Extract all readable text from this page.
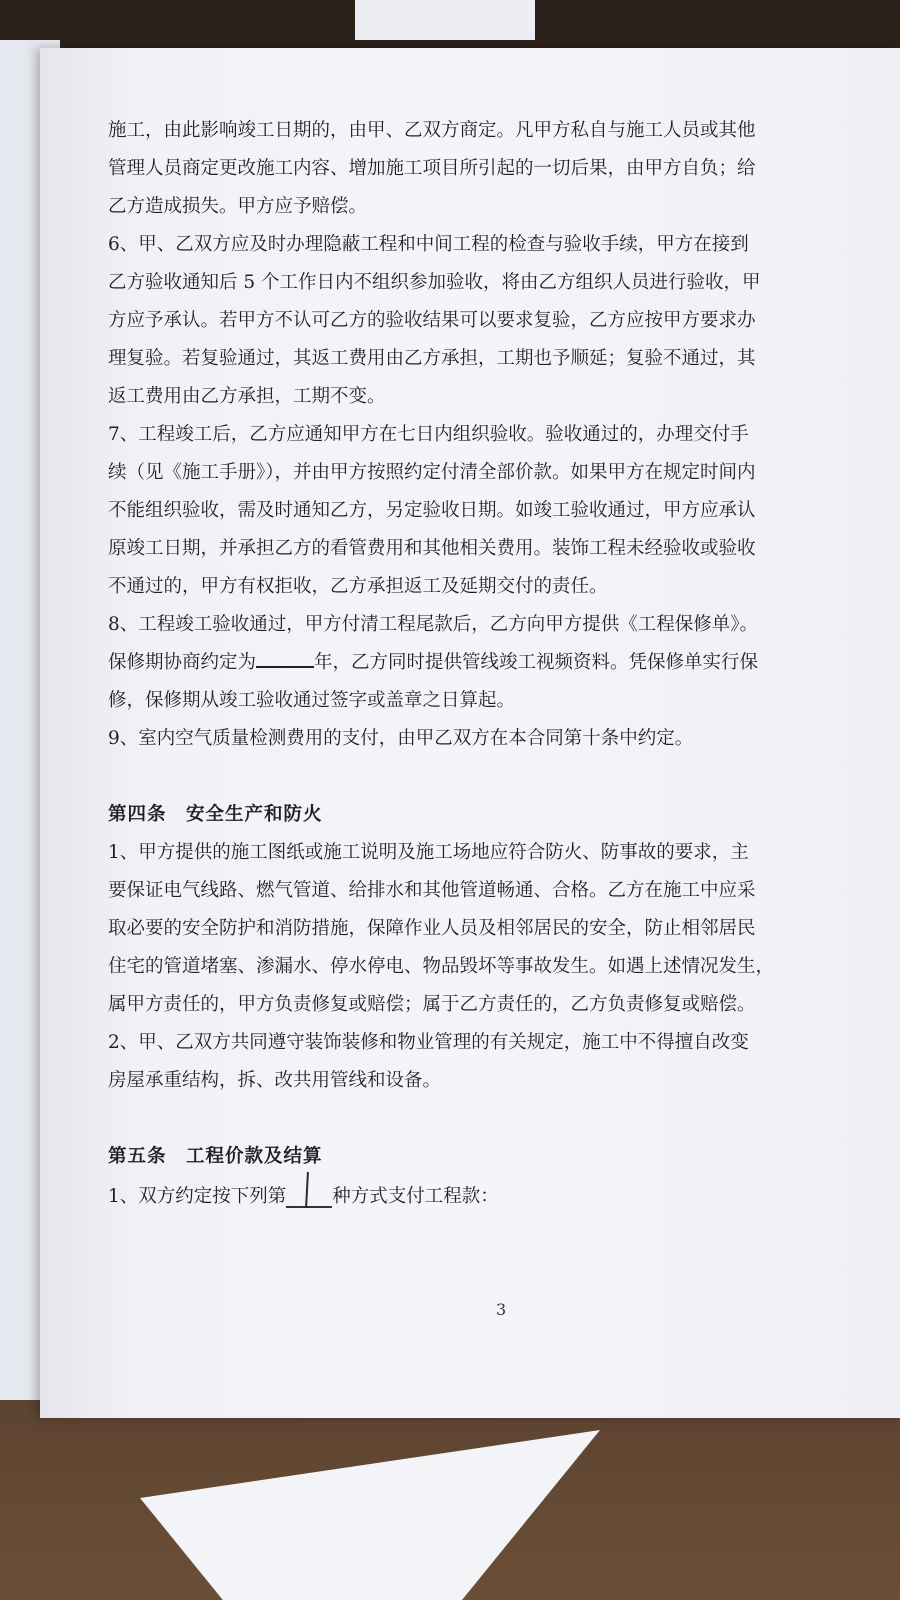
施工，由此影响竣工日期的，由甲、乙双方商定。凡甲方私自与施工人员或其他

管理人员商定更改施工内容、增加施工项目所引起的一切后果，由甲方自负；给

乙方造成损失。甲方应予赔偿。

6、甲、乙双方应及时办理隐蔽工程和中间工程的检查与验收手续，甲方在接到

乙方验收通知后 5 个工作日内不组织参加验收，将由乙方组织人员进行验收，甲

方应予承认。若甲方不认可乙方的验收结果可以要求复验，乙方应按甲方要求办

理复验。若复验通过，其返工费用由乙方承担，工期也予顺延；复验不通过，其

返工费用由乙方承担，工期不变。

7、工程竣工后，乙方应通知甲方在七日内组织验收。验收通过的，办理交付手

续（见《施工手册》），并由甲方按照约定付清全部价款。如果甲方在规定时间内

不能组织验收，需及时通知乙方，另定验收日期。如竣工验收通过，甲方应承认

原竣工日期，并承担乙方的看管费用和其他相关费用。装饰工程未经验收或验收

不通过的，甲方有权拒收，乙方承担返工及延期交付的责任。

8、工程竣工验收通过，甲方付清工程尾款后，乙方向甲方提供《工程保修单》。

保修期协商约定为	年，乙方同时提供管线竣工视频资料。凭保修单实行保

修，保修期从竣工验收通过签字或盖章之日算起。

9、室内空气质量检测费用的支付，由甲乙双方在本合同第十条中约定。

第四条　安全生产和防火

1、甲方提供的施工图纸或施工说明及施工场地应符合防火、防事故的要求，主

要保证电气线路、燃气管道、给排水和其他管道畅通、合格。乙方在施工中应采

取必要的安全防护和消防措施，保障作业人员及相邻居民的安全，防止相邻居民

住宅的管道堵塞、渗漏水、停水停电、物品毁坏等事故发生。如遇上述情况发生，

属甲方责任的，甲方负责修复或赔偿；属于乙方责任的，乙方负责修复或赔偿。

2、甲、乙双方共同遵守装饰装修和物业管理的有关规定，施工中不得擅自改变

房屋承重结构，拆、改共用管线和设备。

第五条　工程价款及结算

1、双方约定按下列第 种方式支付工程款：

3
